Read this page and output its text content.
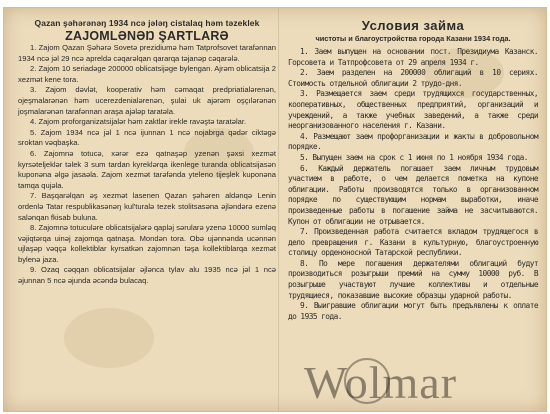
Qazan şəhərənəŋ 1934 ncə jələŋ cistalaq həm təzeklek
ZAJOMLƏNƏŊ ŞARTLARƏ

1. Zajom Qazan Şəhərə Sovetə prezidiumə həm Tatprofsovet tarafənnan 1934 ncə jəl 29 ncə apreldə cəqarəlqan qararqa təjanəp cəqarələ.

2. Zajom 10 seriadəge 200000 oblicatsijəge bylengan. Ajrəm oblicatsija 2 xezmət kene tora.

3. Zajom dəvlət, kooperativ həm cəmaqat predpriatialərenən, ojeşmalarənən həm ucerezdenialərenən, şulai uk ajərəm oşçılərənən joşmalarənən tarafənnan araşa ajələp taratəla.

4. Zajom proforganizatsijalər həm zaktlar irekle ravəştə taratəlar.

5. Zajom 1934 ncə jəl 1 ncə ijunnan 1 ncə nojabrga qədər ciktəgə sroktan vəqbaşka.

6. Zajomnə totucə, xərər ezə qatnaşəp yzenən şəxsi xezmət kyrsəteljeklər təlek 3 sum tardan kyreklərqa ikenlege turanda oblicatsijasən kuponəna əlgə jasaəla. Zajom xezmət tarəfənda yteleno tijeşlek kuponəna tamqa qujəla.

7. Başqarəlqan əş xezmət lasenen Qazan şəhəren aldənqə Lenin ordenlə Tatar respublikasənəŋ kul'turalə tezek stolitsasəna əjləndərə ezenə salənqan fkisab buluna.

8. Zajomnə totuculəre oblicatsijalərə qapləj sərularə yzenə 10000 sumləq vəjiqtərqa uinəj zajomqa qatnaşa. Mondən tora. Obə ujənnənda ucənnən ujlaşəp vəqçə kollektiblar kyrsatkən zajomnən təşa kollektiblarqa xezmət bylenə jaza.

9. Ozaq cəqqan oblicatsijalar əjlənca tylav alu 1935 ncə jəl 1 ncə əjunnan 5 ncə əjunda əcəndə bulacaq.

Условия займа
чистоты и благоустройства города Казани 1934 года.

1. Заем выпущен на основании пост. Президиума Казанск. Горсовета и Татпрофсовета от 29 апреля 1934 г.

2. Заем разделен на 200000 облигаций в 10 сериях. Стоимость отдельной облигации 2 трудо-дня.

3. Размещается заем среди трудящихся государственных, кооперативных, общественных предприятий, организаций и учреждений, а также учебных заведений, а также среди неорганизованного населения г. Казани.

4. Размещают заем профорганизации и жакты в добровольном порядке.

5. Выпущен заем на срок с 1 июня по 1 ноября 1934 года.

6. Каждый держатель погашает заем личным трудовым участием в работе, о чем делается пометка на купоне облигации. Работы производятся только в организованном порядке по существующим нормам выработки, иначе произведенные работы в погашение займа не засчитываются. Купон от облигации не отрывается.

7. Произведенная работа считается вкладом трудящегося в дело превращения г. Казани в культурную, благоустроенную столицу орденоносной Татарской республики.

8. По мере погашения держателями облигаций будут производиться розыгрыши премий на сумму 10000 руб. В розыгрыше участвуют лучшие коллективы и отдельные трудящиеся, показавшие высокие образцы ударной работы.

9. Выигравшие облигации могут быть предъявлены к оплате до 1935 года.

Wolmar
